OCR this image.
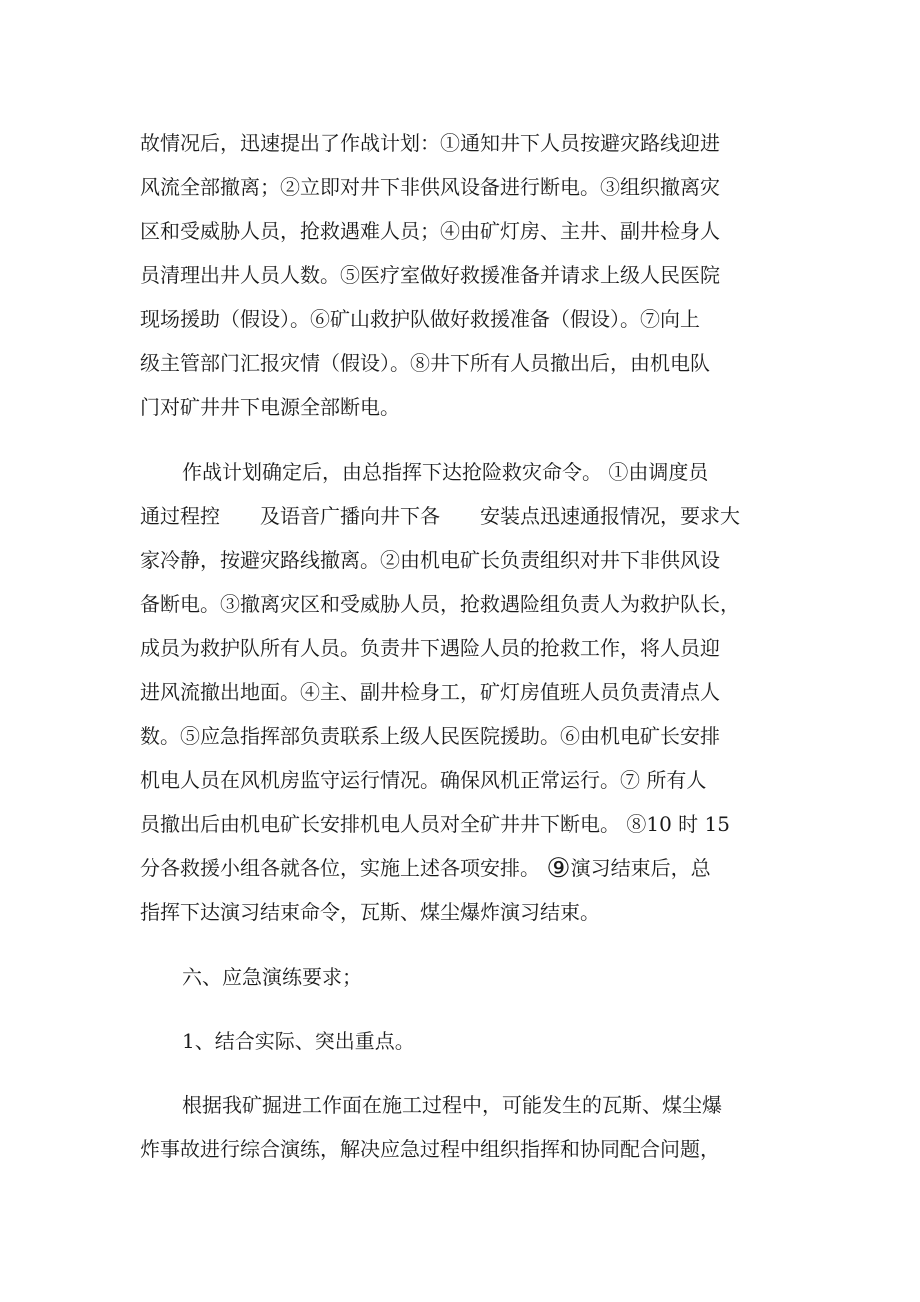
故情况后，迅速提出了作战计划：①通知井下人员按避灾路线迎进
风流全部撤离；②立即对井下非供风设备进行断电。③组织撤离灾
区和受威胁人员，抢救遇难人员；④由矿灯房、主井、副井检身人
员清理出井人员人数。⑤医疗室做好救援准备并请求上级人民医院
现场援助（假设）。⑥矿山救护队做好救援准备（假设）。⑦向上
级主管部门汇报灾情（假设）。⑧井下所有人员撤出后，由机电队
门对矿井井下电源全部断电。
作战计划确定后，由总指挥下达抢险救灾命令。 ①由调度员
通过程控　　及语音广播向井下各　　安装点迅速通报情况，要求大
家冷静，按避灾路线撤离。②由机电矿长负责组织对井下非供风设
备断电。③撤离灾区和受威胁人员，抢救遇险组负责人为救护队长，
成员为救护队所有人员。负责井下遇险人员的抢救工作，将人员迎
进风流撤出地面。④主、副井检身工，矿灯房值班人员负责清点人
数。⑤应急指挥部负责联系上级人民医院援助。⑥由机电矿长安排
机电人员在风机房监守运行情况。确保风机正常运行。⑦ 所有人
员撤出后由机电矿长安排机电人员对全矿井井下断电。 ⑧10 时 15
分各救援小组各就各位，实施上述各项安排。 ⑨演习结束后，总
指挥下达演习结束命令，瓦斯、煤尘爆炸演习结束。
六、应急演练要求；
1、结合实际、突出重点。
根据我矿掘进工作面在施工过程中，可能发生的瓦斯、煤尘爆
炸事故进行综合演练，解决应急过程中组织指挥和协同配合问题，
